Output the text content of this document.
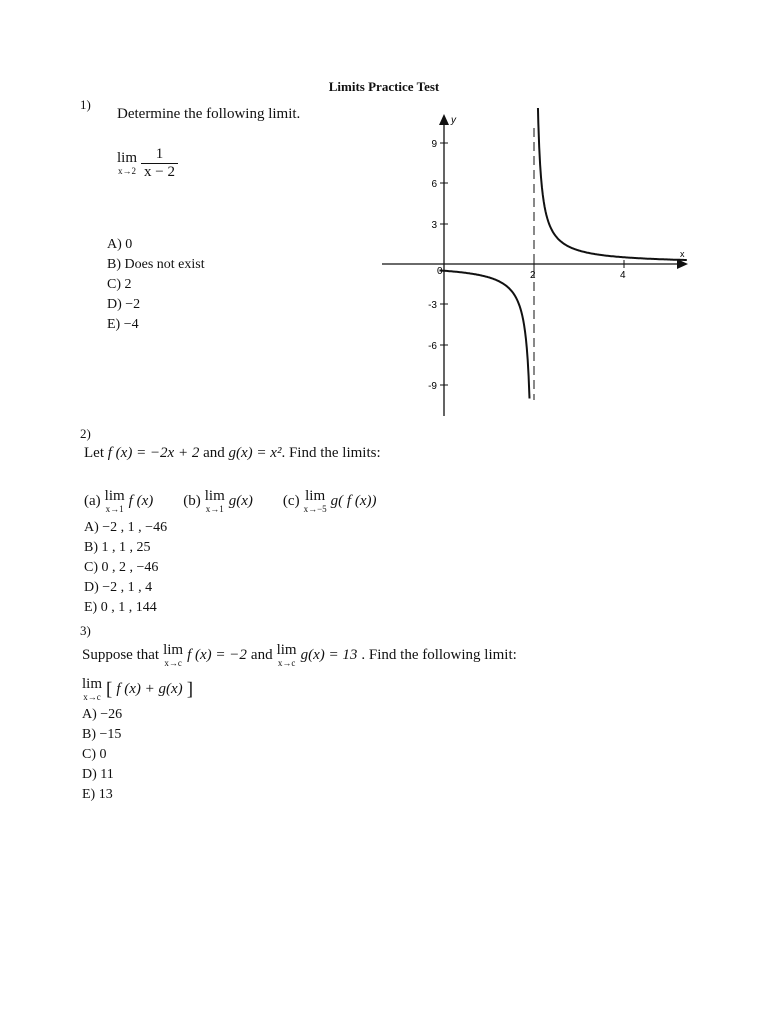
Limits Practice Test
1)
Determine the following limit.
lim
$x\to 2 \frac{1}{x - 2}$
A) 0
B) Does not exist
C) 2
D) −2
E) −4
x
y
0	2	4
9
6
3
-3
-6
-9
2)
Let f (x) = −2x + 2 and g(x) = x². Find the limits:
(a) lim
x→1 f (x) (b) lim
x→1 g(x) (c) lim
x→−5 g( f (x))
A) −2 , 1 , −46
B) 1 , 1 , 25
C) 0 , 2 , −46
D) −2 , 1 , 4
E) 0 , 1 , 144
3)
Suppose that lim
x→c f (x) = −2 and lim
x→c g(x) = 13 . Find the following limit:
lim
x→c [ f (x) + g(x) ]
A) −26
B) −15
C) 0
D) 11
E) 13
